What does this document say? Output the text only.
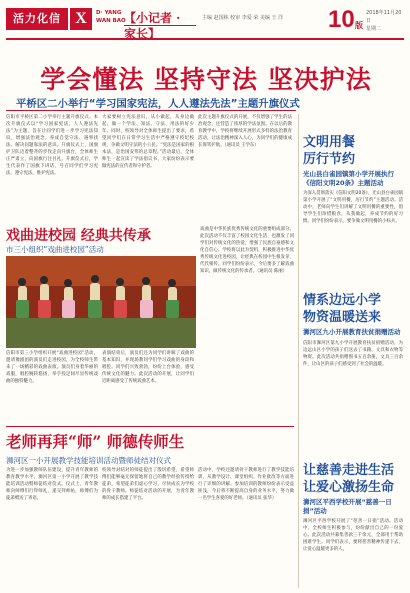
活力化信 X	D· YANG
WAN BAO
【小记者 · 家长】
主编 赵国栋 校审 李爱 荣 美编 王 洋 10 版
2018年11月20日
星期二
学会懂法 坚持守法 坚决护法
平桥区二小举行“学习国家宪法，人人遵法先法”主题升旗仪式
信阳市平桥区第二小学举行主题升旗仪式。本次升旗仪式以“学习国家宪法，人人遵法先法”为主题，旨在让同学们进一步学习宪法知识，增强法治观念，养成自觉守法、遇事找法、解决问题靠法的意识。升旗仪式上，国旗护卫队迈着整齐的步伐走向升旗台，全体师生庄严肃立，向国旗行注目礼。升旗仪式后，学生代表作了国旗下讲话，号召同学们学习宪法，遵守宪法，维护宪法。
大家要树立宪法意识，从小做起，从身边做起，做一个学法、知法、守法、用法的好少年。同时，校领导对全体师生提出了要求，希望同学们在日常学习生活中严格遵守校纪校规，争做文明守法的小公民。“宪法是国家的根本法，是治国安邦的总章程。”活动最后，全体师生一起宣读了学法倡议书，大家纷纷表示要做宪法的宣传者和守护者。
此次主题升旗仪式的开展，不仅增强了学生的法治观念，还营造了浓厚的学法氛围。在以后的教育教学中，学校将继续开展形式多样的法治教育活动，让法治精神深入人心，为同学们的健康成长保驾护航。（通讯员 王学东）
戏曲进校园 经典共传承
市三小组织“戏曲进校园”活动
信阳市第三小学组织开展“戏曲进校园”活动，邀请豫剧团的演员们走进校园，为全校师生带来了一场精彩的戏曲表演。演员们身着华丽的戏服，唱腔婉转悠扬，举手投足间尽显传统戏曲的独特魅力。
表演结束后，演员们还为同学们讲解了戏曲的基本知识，并现场教同学们学习戏曲的身段和唱腔。同学们兴致勃勃，纷纷上台体验，感受传统文化的魅力。此次活动的开展，让同学们近距离感受了传统戏曲艺术。
戏曲是中华民族优秀传统文化的重要组成部分。此次活动不仅丰富了校园文化生活，也激发了同学们对传统文化的热爱，增强了民族自豪感和文化自信心。学校将以此为契机，积极推进中华优秀传统文化进校园，让经典在校园中生根发芽，代代相传。同学们纷纷表示，今后要多了解戏曲知识，做传统文化的传承者。（通讯员 陈丽）
老师再拜“师” 师德传师生
浉河区一小开展教学技能培训活动暨师徒结对仪式
为进一步加强教师队伍建设，提升青年教师的教育教学水平，浉河区第一小学开展了教学技能培训活动暨师徒结对仪式。仪式上，青年教师向师傅们行拜师礼，递交拜师帖，师傅们为徒弟赠送了寄语。
校领导对结对的师徒提出了殷切希望，希望师傅们能够毫无保留地将自己的教学经验传授给徒弟，希望徒弟们虚心学习，尽快成长为学校的骨干教师。师徒结对活动的开展，为青年教师的成长搭建了平台。
活动中，学校还邀请骨干教师进行了教学技能培训，从教学设计、课堂组织、作业批改等方面进行了详细的讲解。参加培训的教师纷纷表示受益匪浅，今后将不断提高自身的业务水平，努力做一名学生喜爱的好老师。（通讯员 张华）
文明用餐
厉行节约
光山县白雀园镇第小学开展执行《信阳文明20条》主题活动
为深入贯彻落实《信阳文明20条》，光山县白雀园镇第小学开展了“文明用餐，厉行节约”主题活动。活动中，老师向学生们讲解了文明用餐的重要性，倡导学生们珍惜粮食，从我做起，养成节约的好习惯。同学们纷纷表示，要争做文明用餐的小标兵。
情系边远小学
物资温暖送来
浉河区九小开展教育扶贫捐赠活动
信阳市浉河区第九小学开展教育扶贫捐赠活动，为边远山区小学的孩子们送去了书籍、文具和衣物等物资。此次活动共捐赠图书五百余册，文具三百余件，让山区的孩子们感受到了社会的温暖。
让慈善走进生活
让爱心激扬生命
浉河区平西学校开展“慈善一日捐”活动
浉河区平西学校开展了“慈善一日捐”活动。活动中，全校师生积极参与，纷纷献出自己的一份爱心。此次活动共募集善款三千余元，全部用于帮助困难学生。同学们表示，要将慈善精神传递下去，让爱心温暖更多的人。
